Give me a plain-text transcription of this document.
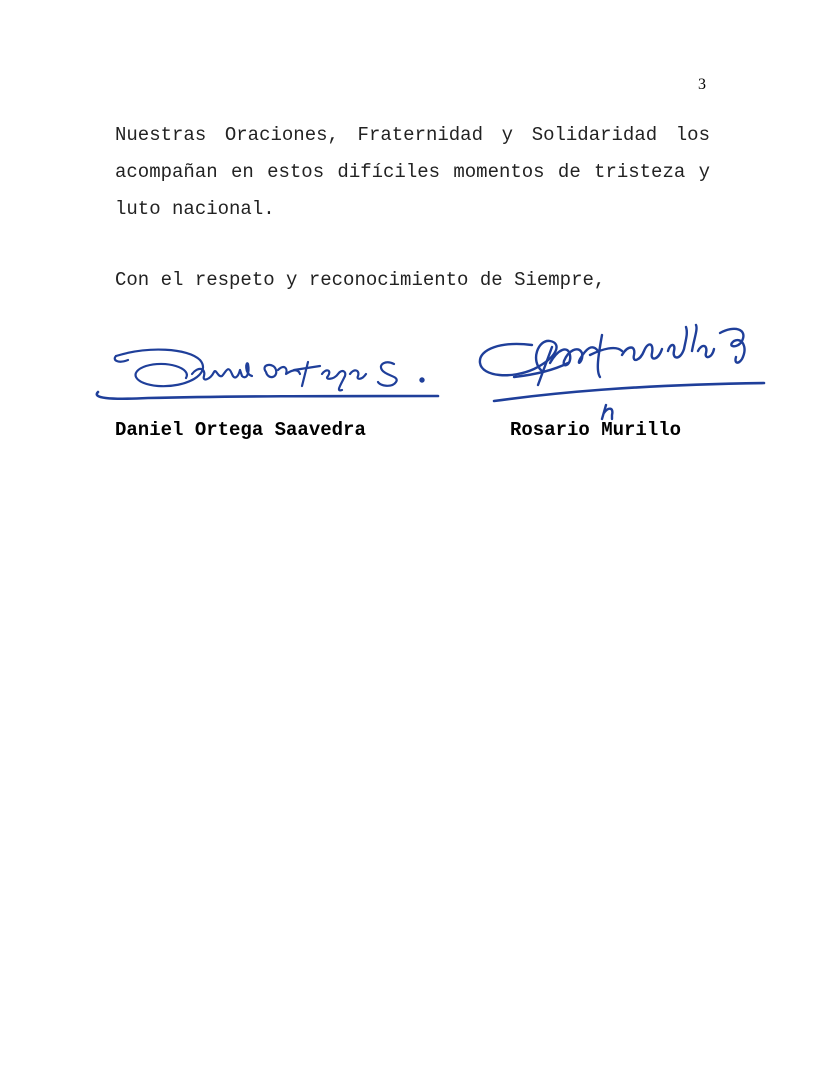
3

Nuestras Oraciones, Fraternidad y Solidaridad los acompañan en estos difíciles momentos de tristeza y luto nacional.

Con el respeto y reconocimiento de Siempre,

Daniel Ortega Saavedra	Rosario Murillo
